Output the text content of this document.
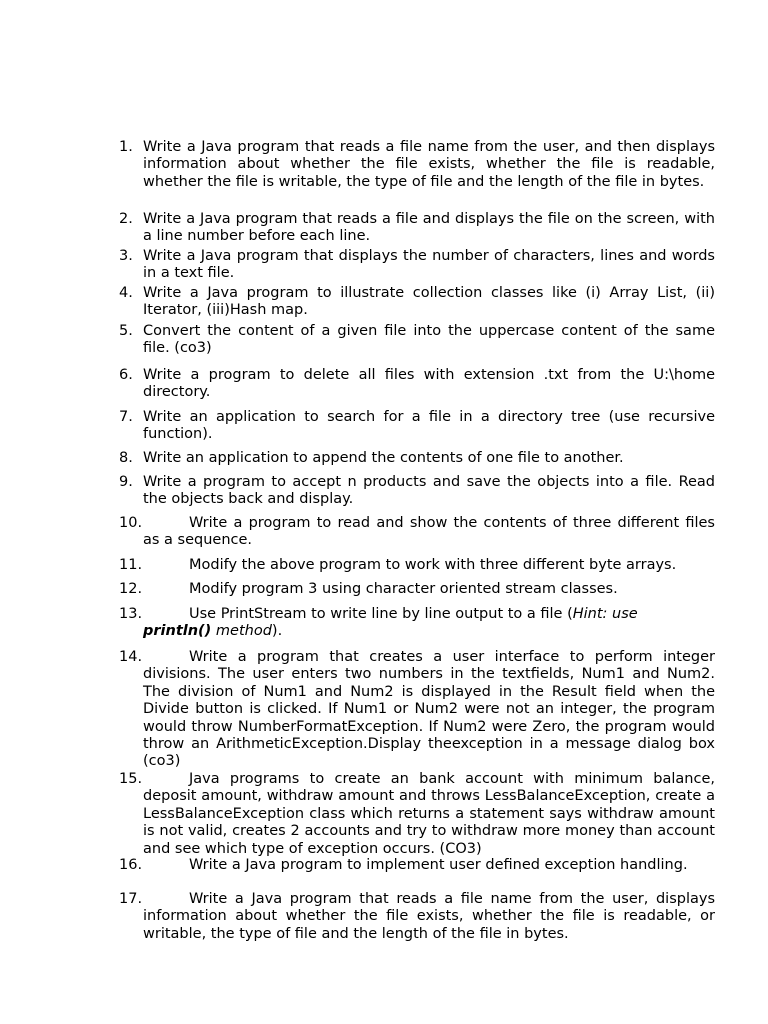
1. Write a Java program that reads a file name from the user, and then displays information about whether the file exists, whether the file is readable, whether the file is writable, the type of file and the length of the file in bytes.
2. Write a Java program that reads a file and displays the file on the screen, with a line number before each line.
3. Write a Java program that displays the number of characters, lines and words in a text file.
4. Write a Java program to illustrate collection classes like (i) Array List, (ii) Iterator, (iii)Hash map.
5. Convert the content of a given file into the uppercase content of the same file. (co3)
6. Write a program to delete all files with extension .txt from the U:\home directory.
7. Write an application to search for a file in a directory tree (use recursive function).
8. Write an application to append the contents of one file to another.
9. Write a program to accept n products and save the objects into a file. Read the objects back and display.
10.	Write a program to read and show the contents of three different files as a sequence.
11.	Modify the above program to work with three different byte arrays.
12.	Modify program 3 using character oriented stream classes.
13.	Use PrintStream to write line by line output to a file (Hint: use
println() method).
14.	Write a program that creates a user interface to perform integer divisions. The user enters two numbers in the textfields, Num1 and Num2. The division of Num1 and Num2 is displayed in the Result field when the Divide button is clicked. If Num1 or Num2 were not an integer, the program would throw NumberFormatException. If Num2 were Zero, the program would throw an ArithmeticException.Display theexception in a message dialog box (co3)
15.	Java programs to create an bank account with minimum balance, deposit amount, withdraw amount and throws LessBalanceException, create a LessBalanceException class which returns a statement says withdraw amount is not valid, creates 2 accounts and try to withdraw more money than account and see which type of exception occurs. (CO3)
16.	Write a Java program to implement user defined exception handling.
17.	Write a Java program that reads a file name from the user, displays information about whether the file exists, whether the file is readable, or writable, the type of file and the length of the file in bytes.
